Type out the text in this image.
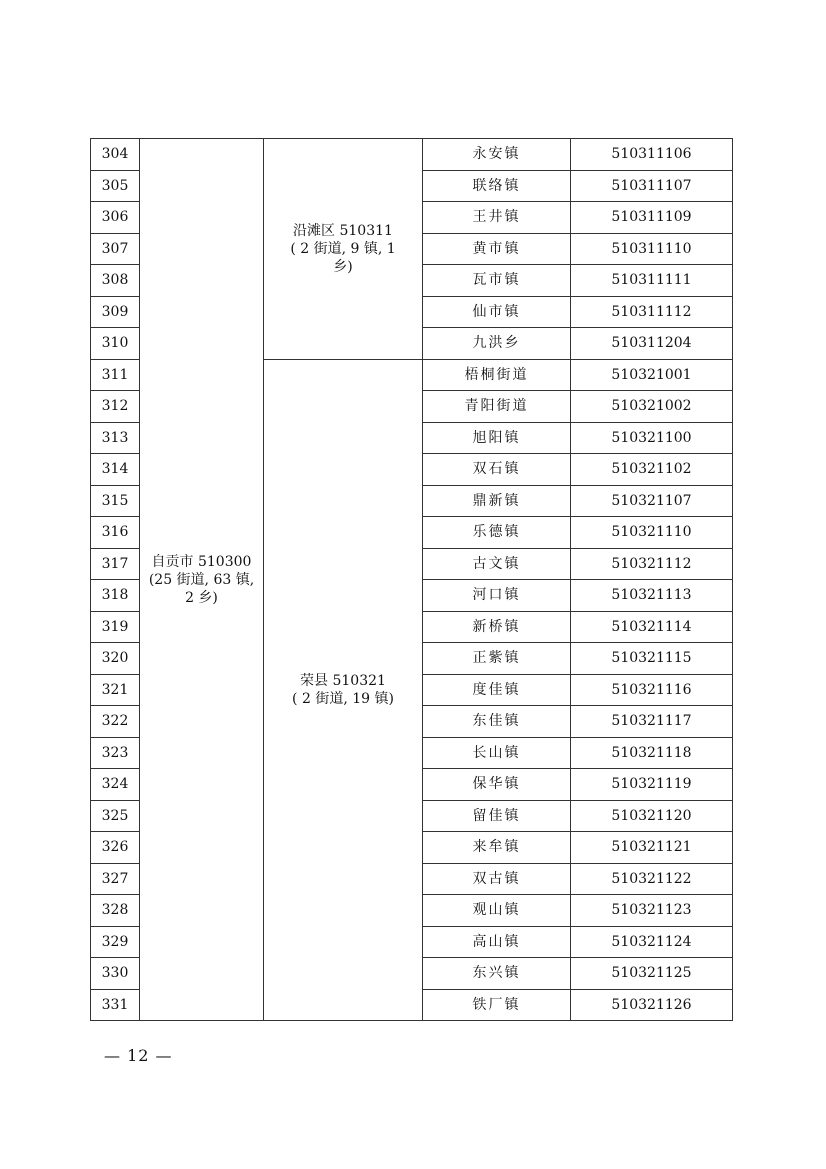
304	自贡市 510300
(25 街道, 63 镇,
2 乡)	沿滩区 510311
( 2 街道, 9 镇, 1
乡)	永安镇	510311106
305			联络镇	510311107
306			王井镇	510311109
307			黄市镇	510311110
308			瓦市镇	510311111
309			仙市镇	510311112
310			九洪乡	510311204
311		荣县 510321
( 2 街道, 19 镇)	梧桐街道	510321001
312			青阳街道	510321002
313			旭阳镇	510321100
314			双石镇	510321102
315			鼎新镇	510321107
316			乐德镇	510321110
317			古文镇	510321112
318			河口镇	510321113
319			新桥镇	510321114
320			正紫镇	510321115
321			度佳镇	510321116
322			东佳镇	510321117
323			长山镇	510321118
324			保华镇	510321119
325			留佳镇	510321120
326			来牟镇	510321121
327			双古镇	510321122
328			观山镇	510321123
329			高山镇	510321124
330			东兴镇	510321125
331			铁厂镇	510321126
— 12 —
